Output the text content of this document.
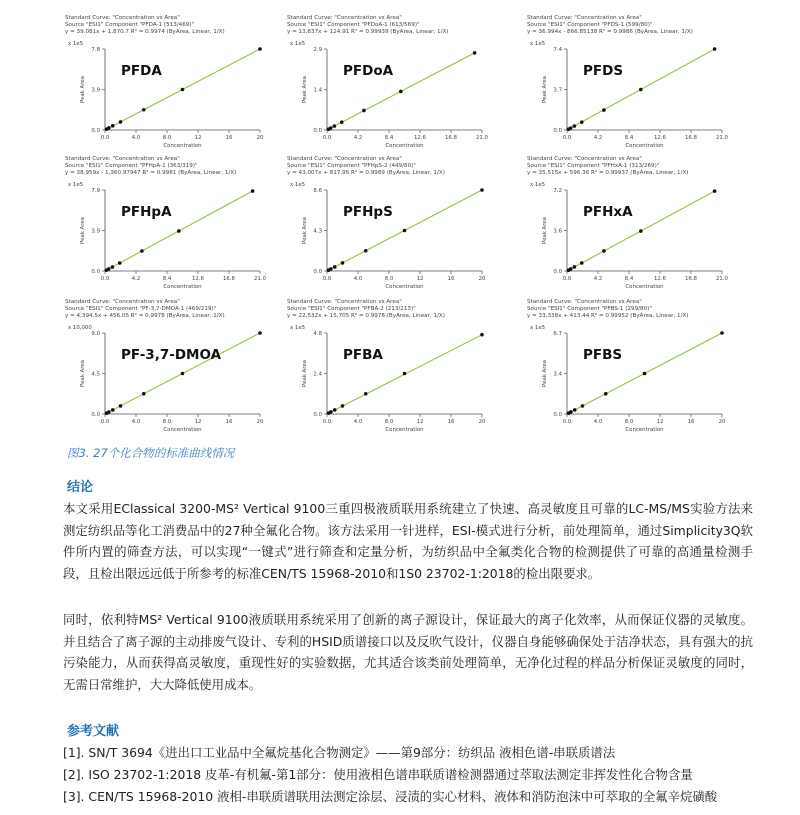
Standard Curve: "Concentration vs Area"
Source "ESI1" Component "PFDA-1 (513/469)"
y = 39.081x + 1,870.7 R² = 0.9974 (ByArea, Linear, 1/X)
x 1e5
0.0
3.9
7.8
0.0	4.0	8.0	12	16	20
Concentration
Peak Area
PFDA
Standard Curve: "Concentration vs Area"
Source "ESI1" Component "PFDoA-1 (613/569)"
y = 13,637x + 124.91 R² = 0.99939 (ByArea, Linear, 1/X)
x 1e5
0.0
1.4
2.9
0.0	4.2	8.4	12.6	16.8	21.0
Concentration
Peak Area
PFDoA
Standard Curve: "Concentration vs Area"
Source "ESI1" Component "PFDS-1 (599/80)"
y = 36.994x - 866.85138 R² = 0.9986 (ByArea, Linear, 1/X)
x 1e5
0.0
3.7
7.4
0.0	4.2	8.4	12.6	16.8	21.0
Concentration
Peak Area
PFDS
Standard Curve: "Concentration vs Area"
Source "ESI1" Component "PFHpA-1 (363/319)"
y = 38,959x - 1,360.97947 R² = 0.9981 (ByArea, Linear, 1/X)
x 1e5
0.0
3.9
7.9
0.0	4.2	8.4	12.6	16.8	21.0
Concentration
Peak Area
PFHpA
Standard Curve: "Concentration vs Area"
Source "ESI1" Component "PFHpS-2 (449/80)"
y = 43,007x + 817.95 R² = 0.9989 (ByArea, Linear, 1/X)
x 1e5
0.0
4.3
8.6
0.0	4.0	8.0	12	16	20
Concentration
Peak Area
PFHpS
Standard Curve: "Concentration vs Area"
Source "ESI1" Component "PFHxA-1 (313/269)"
y = 35,515x + 596.36 R² = 0.99937 (ByArea, Linear, 1/X)
x 1e5
0.0
3.6
7.2
0.0	4.2	8.4	12.6	16.8	21.0
Concentration
Peak Area
PFHxA
Standard Curve: "Concentration vs Area"
Source "ESI1" Component "PF-3,7-DMOA-1 (469/219)"
y = 4,394.5x + 456.05 R² = 0.9978 (ByArea, Linear, 1/X)
x 10,000
0.0
4.5
9.0
0.0	4.0	8.0	12	16	20
Concentration
Peak Area
PF-3,7-DMOA
Standard Curve: "Concentration vs Area"
Source "ESI1" Component "PFBA-2 (213/213)"
y = 22,532x + 15,705 R² = 0.9978 (ByArea, Linear, 1/X)
x 1e5
0.0
2.4
4.8
0.0	4.0	8.0	12	16	20
Concentration
Peak Area
PFBA
Standard Curve: "Concentration vs Area"
Source "ESI1" Component "PFBS-1 (299/80)"
y = 33,338x + 413.44 R² = 0.99952 (ByArea, Linear, 1/X)
x 1e5
0.0
3.4
6.7
0.0	4.0	8.0	12	16	20
Concentration
Peak Area
PFBS
图3. 27个化合物的标准曲线情况
结论
本文采用EClassical 3200-MS² Vertical 9100三重四极液质联用系统建立了快速、高灵敏度且可靠的LC-MS/MS实验方法来测定纺织品等化工消费品中的27种全氟化合物。该方法采用一针进样，ESI-模式进行分析，前处理简单，通过Simplicity3Q软件所内置的筛查方法，可以实现“一键式”进行筛查和定量分析，为纺织品中全氟类化合物的检测提供了可靠的高通量检测手段，且检出限远远低于所参考的标准CEN/TS 15968-2010和1S0 23702-1:2018的检出限要求。
同时，依利特MS² Vertical 9100液质联用系统采用了创新的离子源设计，保证最大的离子化效率，从而保证仪器的灵敏度。并且结合了离子源的主动排废气设计、专利的HSID质谱接口以及反吹气设计，仪器自身能够确保处于洁净状态，具有强大的抗污染能力，从而获得高灵敏度，重现性好的实验数据，尤其适合该类前处理简单，无净化过程的样品分析保证灵敏度的同时，无需日常维护，大大降低使用成本。
参考文献
[1]. SN/T 3694《进出口工业品中全氟烷基化合物测定》——第9部分：纺织品 液相色谱-串联质谱法
[2]. ISO 23702-1:2018 皮革-有机氟-第1部分：使用液相色谱串联质谱检测器通过萃取法测定非挥发性化合物含量
[3]. CEN/TS 15968-2010 液相-串联质谱联用法测定涂层、浸渍的实心材料、液体和消防泡沫中可萃取的全氟辛烷磺酸
